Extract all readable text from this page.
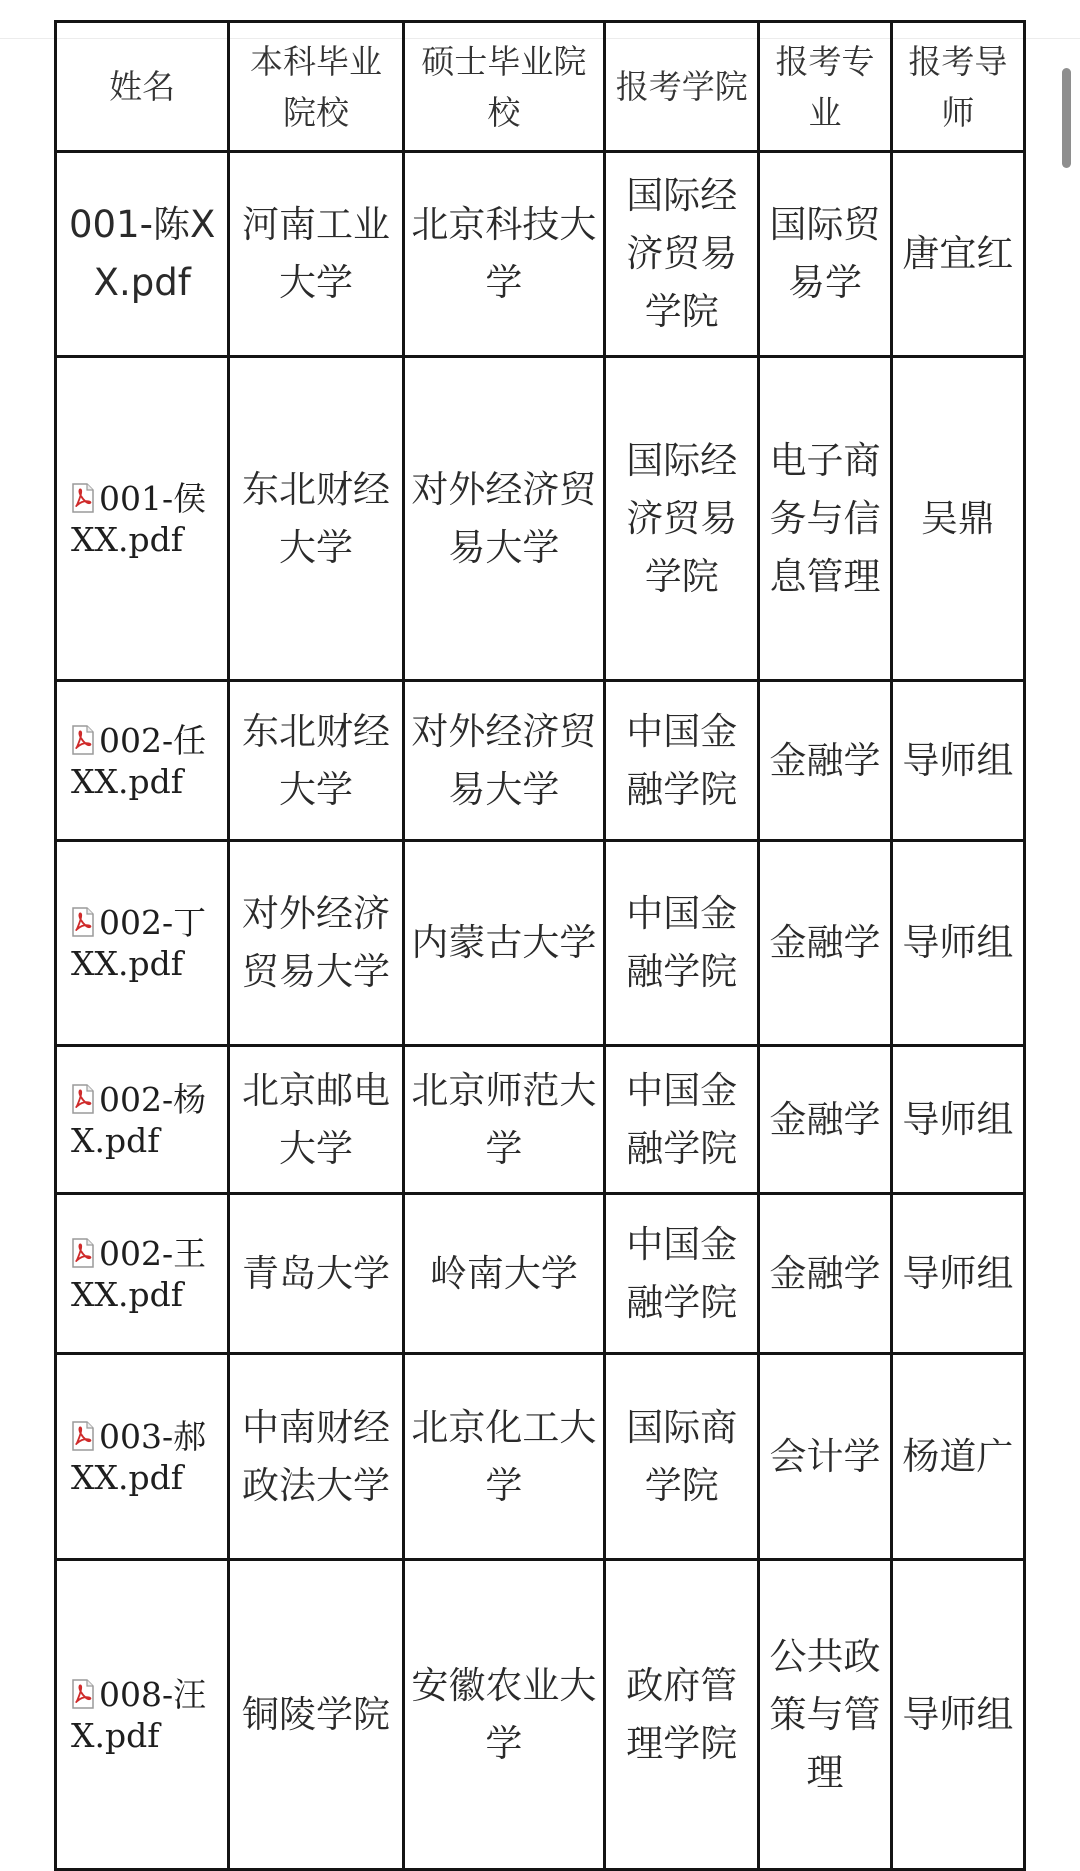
姓名	本科毕业院校	硕士毕业院校	报考学院	报考专业	报考导师
001-陈XX.pdf	河南工业大学	北京科技大学	国际经济贸易学院	国际贸易学	唐宜红
001-侯XX.pdf	东北财经大学	对外经济贸易大学	国际经济贸易学院	电子商务与信息管理	吴鼎
002-任XX.pdf	东北财经大学	对外经济贸易大学	中国金融学院	金融学	导师组
002-丁XX.pdf	对外经济贸易大学	内蒙古大学	中国金融学院	金融学	导师组
002-杨X.pdf	北京邮电大学	北京师范大学	中国金融学院	金融学	导师组
002-王XX.pdf	青岛大学	岭南大学	中国金融学院	金融学	导师组
003-郝XX.pdf	中南财经政法大学	北京化工大学	国际商学院	会计学	杨道广
008-汪X.pdf	铜陵学院	安徽农业大学	政府管理学院	公共政策与管理	导师组
